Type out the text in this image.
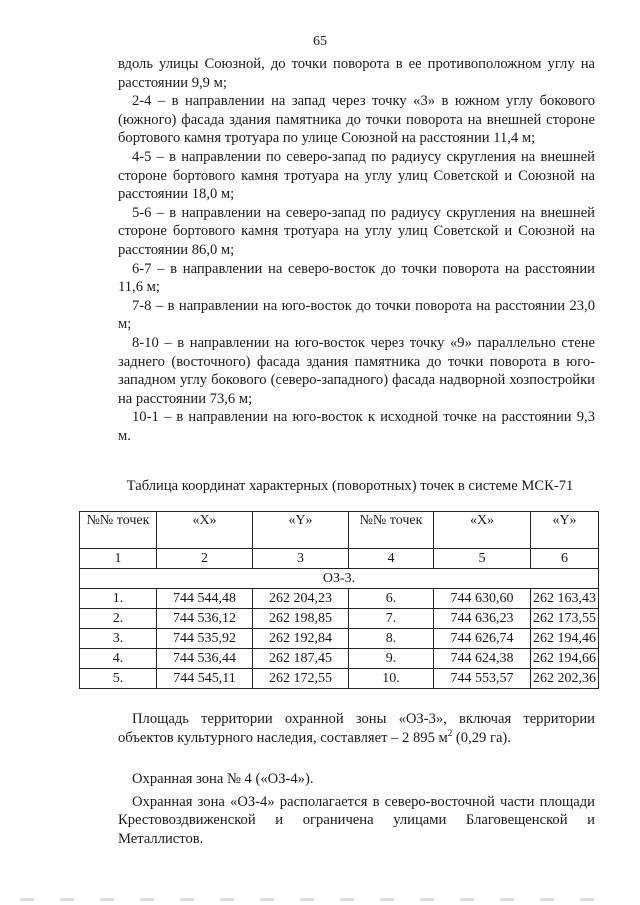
65

вдоль улицы Союзной, до точки поворота в ее противоположном углу на расстоянии 9,9 м;

2-4 – в направлении на запад через точку «3» в южном углу бокового (южного) фасада здания памятника до точки поворота на внешней стороне бортового камня тротуара по улице Союзной на расстоянии 11,4 м;

4-5 – в направлении по северо-запад по радиусу скругления на внешней стороне бортового камня тротуара на углу улиц Советской и Союзной на расстоянии 18,0 м;

5-6 – в направлении на северо-запад по радиусу скругления на внешней стороне бортового камня тротуара на углу улиц Советской и Союзной на расстоянии 86,0 м;

6-7 – в направлении на северо-восток до точки поворота на расстоянии 11,6 м;

7-8 – в направлении на юго-восток до точки поворота на расстоянии 23,0 м;

8-10 – в направлении на юго-восток через точку «9» параллельно стене заднего (восточного) фасада здания памятника до точки поворота в юго-западном углу бокового (северо-западного) фасада надворной хозпостройки на расстоянии 73,6 м;

10-1 – в направлении на юго-восток к исходной точке на расстоянии 9,3 м.

Таблица координат характерных (поворотных) точек в системе МСК-71
№№ точек	«X»	«Y»	№№ точек	«X»	«Y»
1	2	3	4	5	6
ОЗ-3.					
1.	744 544,48	262 204,23	6.	744 630,60	262 163,43
2.	744 536,12	262 198,85	7.	744 636,23	262 173,55
3.	744 535,92	262 192,84	8.	744 626,74	262 194,46
4.	744 536,44	262 187,45	9.	744 624,38	262 194,66
5.	744 545,11	262 172,55	10.	744 553,57	262 202,36

Площадь территории охранной зоны «ОЗ-3», включая территории объектов культурного наследия, составляет – 2 895 $м^2$ (0,29 га).

Охранная зона № 4 («ОЗ-4»).

Охранная зона «ОЗ-4» располагается в северо-восточной части площади Крестовоздвиженской и ограничена улицами Благовещенской и Металлистов.
